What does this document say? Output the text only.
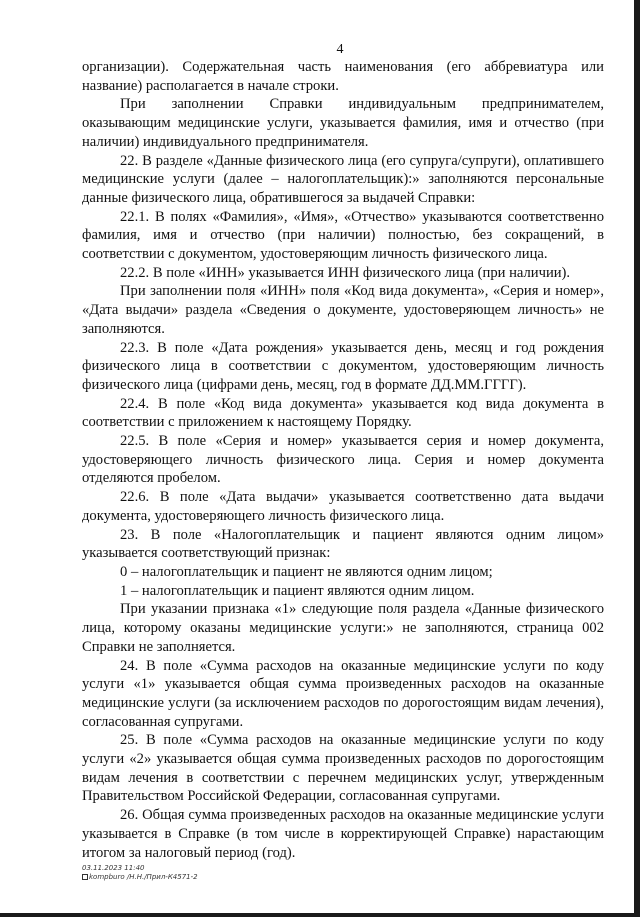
4

организации). Содержательная часть наименования (его аббревиатура или название) располагается в начале строки.

При заполнении Справки индивидуальным предпринимателем, оказывающим медицинские услуги, указывается фамилия, имя и отчество (при наличии) индивидуального предпринимателя.

22. В разделе «Данные физического лица (его супруга/супруги), оплатившего медицинские услуги (далее – налогоплательщик):» заполняются персональные данные физического лица, обратившегося за выдачей Справки:

22.1. В полях «Фамилия», «Имя», «Отчество» указываются соответственно фамилия, имя и отчество (при наличии) полностью, без сокращений, в соответствии с документом, удостоверяющим личность физического лица.

22.2. В поле «ИНН» указывается ИНН физического лица (при наличии).

При заполнении поля «ИНН» поля «Код вида документа», «Серия и номер», «Дата выдачи» раздела «Сведения о документе, удостоверяющем личность» не заполняются.

22.3. В поле «Дата рождения» указывается день, месяц и год рождения физического лица в соответствии с документом, удостоверяющим личность физического лица (цифрами день, месяц, год в формате ДД.ММ.ГГГГ).

22.4. В поле «Код вида документа» указывается код вида документа в соответствии с приложением к настоящему Порядку.

22.5. В поле «Серия и номер» указывается серия и номер документа, удостоверяющего личность физического лица. Серия и номер документа отделяются пробелом.

22.6. В поле «Дата выдачи» указывается соответственно дата выдачи документа, удостоверяющего личность физического лица.

23. В поле «Налогоплательщик и пациент являются одним лицом» указывается соответствующий признак:

0 – налогоплательщик и пациент не являются одним лицом;

1 – налогоплательщик и пациент являются одним лицом.

При указании признака «1» следующие поля раздела «Данные физического лица, которому оказаны медицинские услуги:» не заполняются, страница 002 Справки не заполняется.

24. В поле «Сумма расходов на оказанные медицинские услуги по коду услуги «1» указывается общая сумма произведенных расходов на оказанные медицинские услуги (за исключением расходов по дорогостоящим видам лечения), согласованная супругами.

25. В поле «Сумма расходов на оказанные медицинские услуги по коду услуги «2» указывается общая сумма произведенных расходов по дорогостоящим видам лечения в соответствии с перечнем медицинских услуг, утвержденным Правительством Российской Федерации, согласованная супругами.

26. Общая сумма произведенных расходов на оказанные медицинские услуги указывается в Справке (в том числе в корректирующей Справке) нарастающим итогом за налоговый период (год).

03.11.2023 11:40
kompburo /Н.Н./Прил-К4571-2
